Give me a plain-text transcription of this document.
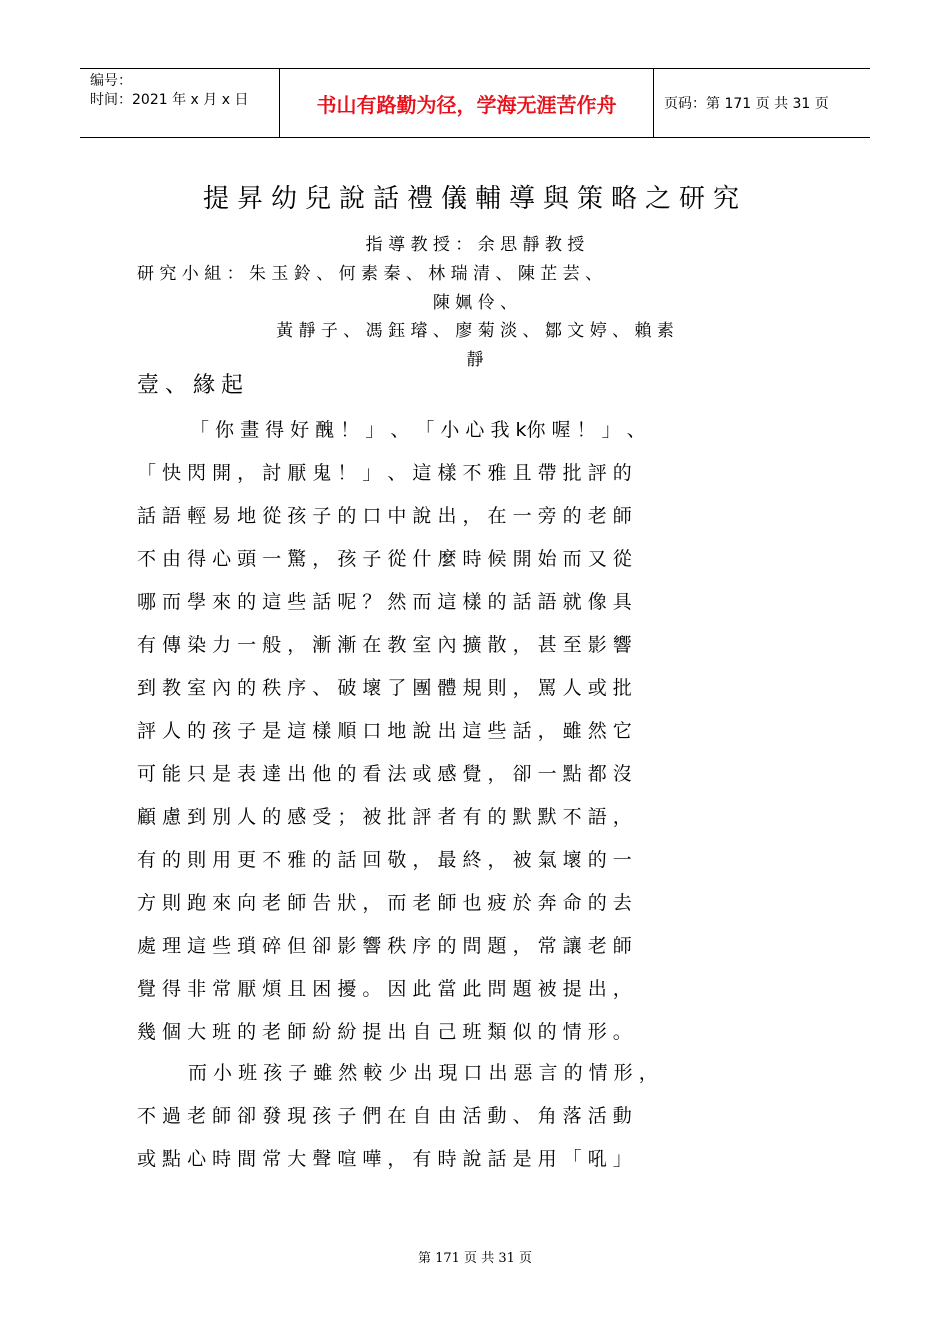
编号：
时间：2021 年 x 月 x 日	书山有路勤为径，学海无涯苦作舟	页码：第 171 页 共 31 页
提昇幼兒說話禮儀輔導與策略之研究
指 導 教 授 ： 余 思 靜 教 授
研 究 小 組 ： 朱 玉 鈴 、 何 素 秦 、 林 瑞 清 、 陳 芷 芸 、
陳 姵 伶 、
黃 靜 子 、 馮 鈺 璿 、 廖 菊 淡 、 鄒 文 婷 、 賴 素
靜
壹、緣起
「 你 畫 得 好 醜 ！ 」 、 「 小 心 我 k你 喔 ！ 」 、
「 快 閃 開 ， 討 厭 鬼 ！ 」 、 這 樣 不 雅 且 帶 批 評 的
話 語 輕 易 地 從 孩 子 的 口 中 說 出 ， 在 一 旁 的 老 師
不 由 得 心 頭 一 驚 ， 孩 子 從 什 麼 時 候 開 始 而 又 從
哪 而 學 來 的 這 些 話 呢 ？ 然 而 這 樣 的 話 語 就 像 具
有 傳 染 力 一 般 ， 漸 漸 在 教 室 內 擴 散 ， 甚 至 影 響
到 教 室 內 的 秩 序 、 破 壞 了 團 體 規 則 ， 罵 人 或 批
評 人 的 孩 子 是 這 樣 順 口 地 說 出 這 些 話 ， 雖 然 它
可 能 只 是 表 達 出 他 的 看 法 或 感 覺 ， 卻 一 點 都 沒
顧 慮 到 別 人 的 感 受 ； 被 批 評 者 有 的 默 默 不 語 ，
有 的 則 用 更 不 雅 的 話 回 敬 ， 最 終 ， 被 氣 壞 的 一
方 則 跑 來 向 老 師 告 狀 ， 而 老 師 也 疲 於 奔 命 的 去
處 理 這 些 瑣 碎 但 卻 影 響 秩 序 的 問 題 ， 常 讓 老 師
覺 得 非 常 厭 煩 且 困 擾 。 因 此 當 此 問 題 被 提 出 ，
幾 個 大 班 的 老 師 紛 紛 提 出 自 己 班 類 似 的 情 形 。
而 小 班 孩 子 雖 然 較 少 出 現 口 出 惡 言 的 情 形 ，
不 過 老 師 卻 發 現 孩 子 們 在 自 由 活 動 、 角 落 活 動
或 點 心 時 間 常 大 聲 喧 嘩 ， 有 時 說 話 是 用 「 吼 」
第 171 页 共 31 页
